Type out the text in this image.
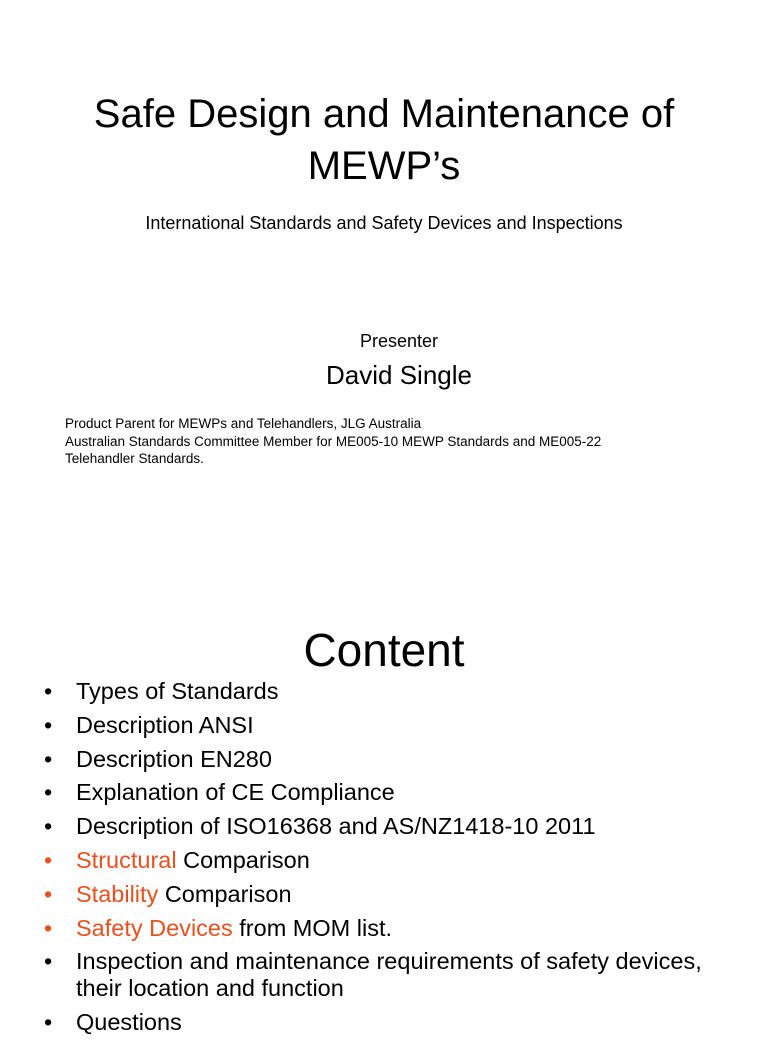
Safe Design and Maintenance of
MEWP’s
International Standards and Safety Devices and Inspections
Presenter
David Single
Product Parent for MEWPs and Telehandlers, JLG Australia
Australian Standards Committee Member for ME005-10 MEWP Standards and ME005-22
Telehandler Standards.
Content
• Types of Standards
• Description ANSI
• Description EN280
• Explanation of CE Compliance
• Description of ISO16368 and AS/NZ1418-10 2011
• Structural Comparison
• Stability Comparison
• Safety Devices from MOM list.
• Inspection and maintenance requirements of safety devices, their location and function
• Questions
